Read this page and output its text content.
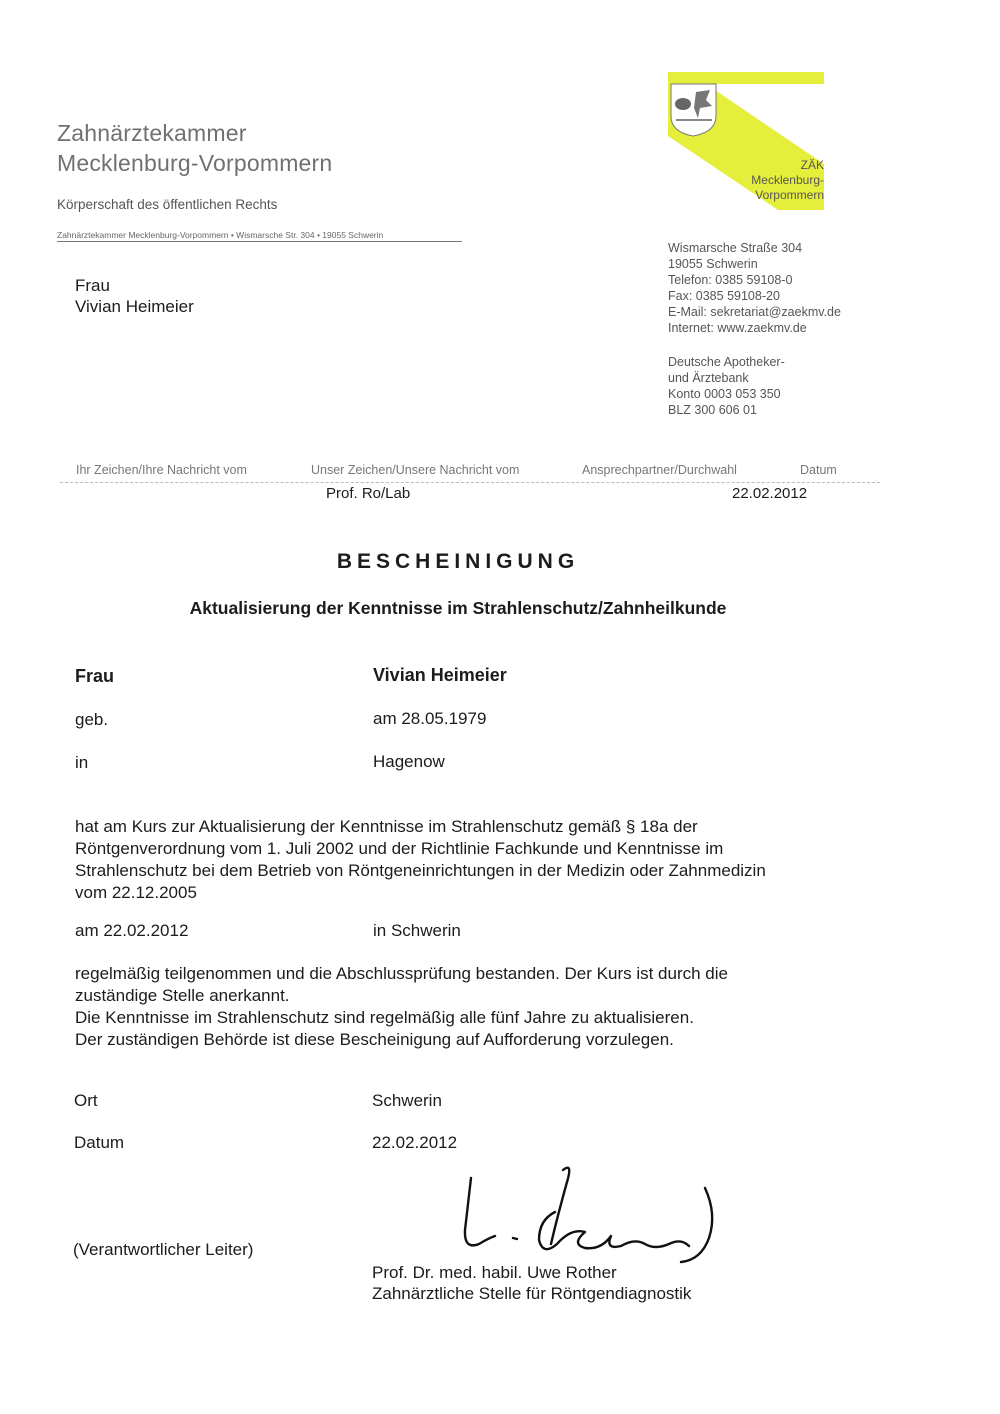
Zahnärztekammer
Mecklenburg-Vorpommern
Körperschaft des öffentlichen Rechts
Zahnärztekammer Mecklenburg-Vorpommern • Wismarsche Str. 304 • 19055 Schwerin
Frau
Vivian Heimeier
ZÄK
Mecklenburg-
Vorpommern
Wismarsche Straße 304
19055 Schwerin
Telefon: 0385 59108-0
Fax: 0385 59108-20
E-Mail: sekretariat@zaekmv.de
Internet: www.zaekmv.de
Deutsche Apotheker-
und Ärztebank
Konto 0003 053 350
BLZ 300 606 01
Ihr Zeichen/Ihre Nachricht vom	Unser Zeichen/Unsere Nachricht vom	Ansprechpartner/Durchwahl	Datum
Prof. Ro/Lab	22.02.2012
BESCHEINIGUNG
Aktualisierung der Kenntnisse im Strahlenschutz/Zahnheilkunde
Frau	Vivian Heimeier
geb.	am 28.05.1979
in	Hagenow
hat am Kurs zur Aktualisierung der Kenntnisse im Strahlenschutz gemäß § 18a der
Röntgenverordnung vom 1. Juli 2002 und der Richtlinie Fachkunde und Kenntnisse im
Strahlenschutz bei dem Betrieb von Röntgeneinrichtungen in der Medizin oder Zahnmedizin
vom 22.12.2005
am 22.02.2012	in Schwerin
regelmäßig teilgenommen und die Abschlussprüfung bestanden. Der Kurs ist durch die
zuständige Stelle anerkannt.
Die Kenntnisse im Strahlenschutz sind regelmäßig alle fünf Jahre zu aktualisieren.
Der zuständigen Behörde ist diese Bescheinigung auf Aufforderung vorzulegen.
Ort	Schwerin
Datum	22.02.2012
(Verantwortlicher Leiter)
Prof. Dr. med. habil. Uwe Rother
Zahnärztliche Stelle für Röntgendiagnostik
